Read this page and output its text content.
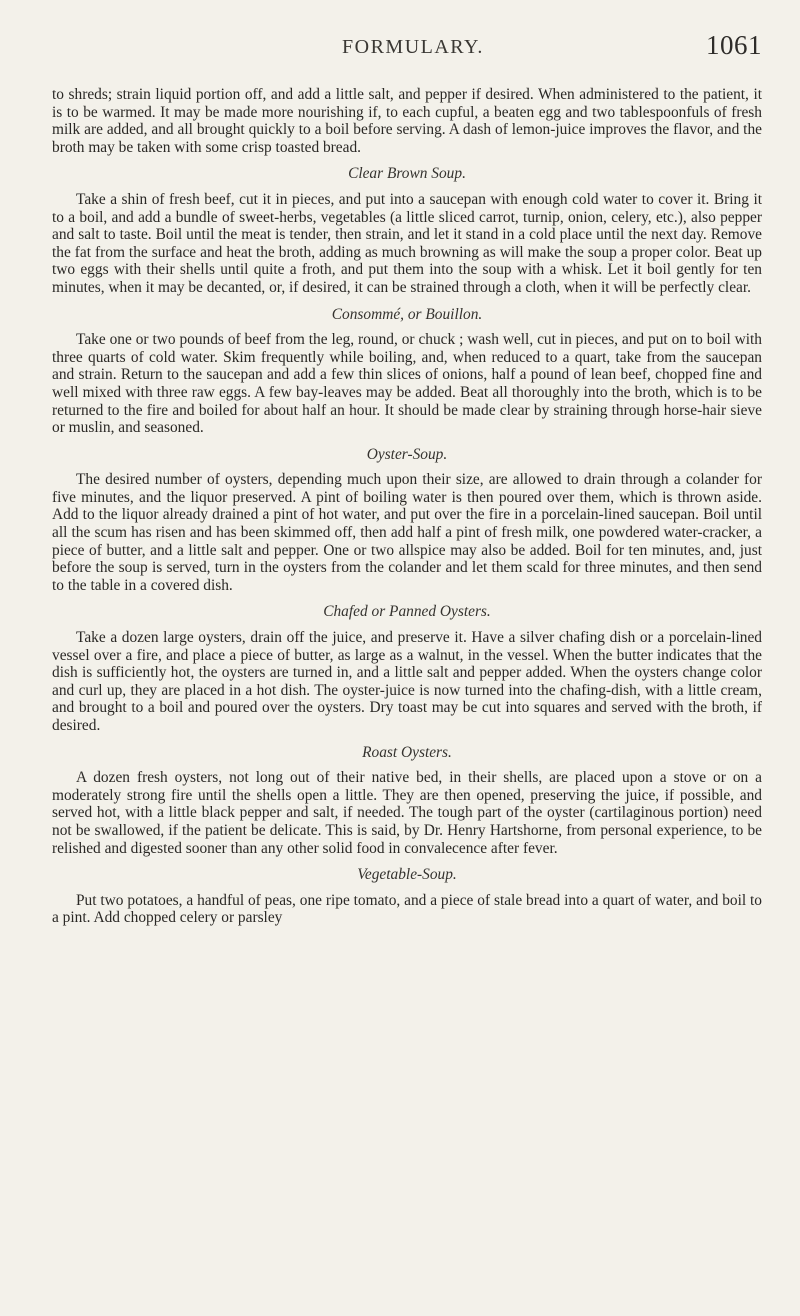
FORMULARY.	1061

to shreds; strain liquid portion off, and add a little salt, and pepper if desired. When administered to the patient, it is to be warmed. It may be made more nourishing if, to each cupful, a beaten egg and two tablespoonfuls of fresh milk are added, and all brought quickly to a boil before serving. A dash of lemon-juice improves the flavor, and the broth may be taken with some crisp toasted bread.

Clear Brown Soup.

Take a shin of fresh beef, cut it in pieces, and put into a saucepan with enough cold water to cover it. Bring it to a boil, and add a bundle of sweet-herbs, vegetables (a little sliced carrot, turnip, onion, celery, etc.), also pepper and salt to taste. Boil until the meat is tender, then strain, and let it stand in a cold place until the next day. Remove the fat from the surface and heat the broth, adding as much browning as will make the soup a proper color. Beat up two eggs with their shells until quite a froth, and put them into the soup with a whisk. Let it boil gently for ten minutes, when it may be decanted, or, if desired, it can be strained through a cloth, when it will be perfectly clear.

Consommé, or Bouillon.

Take one or two pounds of beef from the leg, round, or chuck ; wash well, cut in pieces, and put on to boil with three quarts of cold water. Skim frequently while boiling, and, when reduced to a quart, take from the saucepan and strain. Return to the saucepan and add a few thin slices of onions, half a pound of lean beef, chopped fine and well mixed with three raw eggs. A few bay-leaves may be added. Beat all thoroughly into the broth, which is to be returned to the fire and boiled for about half an hour. It should be made clear by straining through horse-hair sieve or muslin, and seasoned.

Oyster-Soup.

The desired number of oysters, depending much upon their size, are allowed to drain through a colander for five minutes, and the liquor preserved. A pint of boiling water is then poured over them, which is thrown aside. Add to the liquor already drained a pint of hot water, and put over the fire in a porcelain-lined saucepan. Boil until all the scum has risen and has been skimmed off, then add half a pint of fresh milk, one powdered water-cracker, a piece of butter, and a little salt and pepper. One or two allspice may also be added. Boil for ten minutes, and, just before the soup is served, turn in the oysters from the colander and let them scald for three minutes, and then send to the table in a covered dish.

Chafed or Panned Oysters.

Take a dozen large oysters, drain off the juice, and preserve it. Have a silver chafing dish or a porcelain-lined vessel over a fire, and place a piece of butter, as large as a walnut, in the vessel. When the butter indicates that the dish is sufficiently hot, the oysters are turned in, and a little salt and pepper added. When the oysters change color and curl up, they are placed in a hot dish. The oyster-juice is now turned into the chafing-dish, with a little cream, and brought to a boil and poured over the oysters. Dry toast may be cut into squares and served with the broth, if desired.

Roast Oysters.

A dozen fresh oysters, not long out of their native bed, in their shells, are placed upon a stove or on a moderately strong fire until the shells open a little. They are then opened, preserving the juice, if possible, and served hot, with a little black pepper and salt, if needed. The tough part of the oyster (cartilaginous portion) need not be swallowed, if the patient be delicate. This is said, by Dr. Henry Hartshorne, from personal experience, to be relished and digested sooner than any other solid food in convalecence after fever.

Vegetable-Soup.

Put two potatoes, a handful of peas, one ripe tomato, and a piece of stale bread into a quart of water, and boil to a pint. Add chopped celery or parsley
